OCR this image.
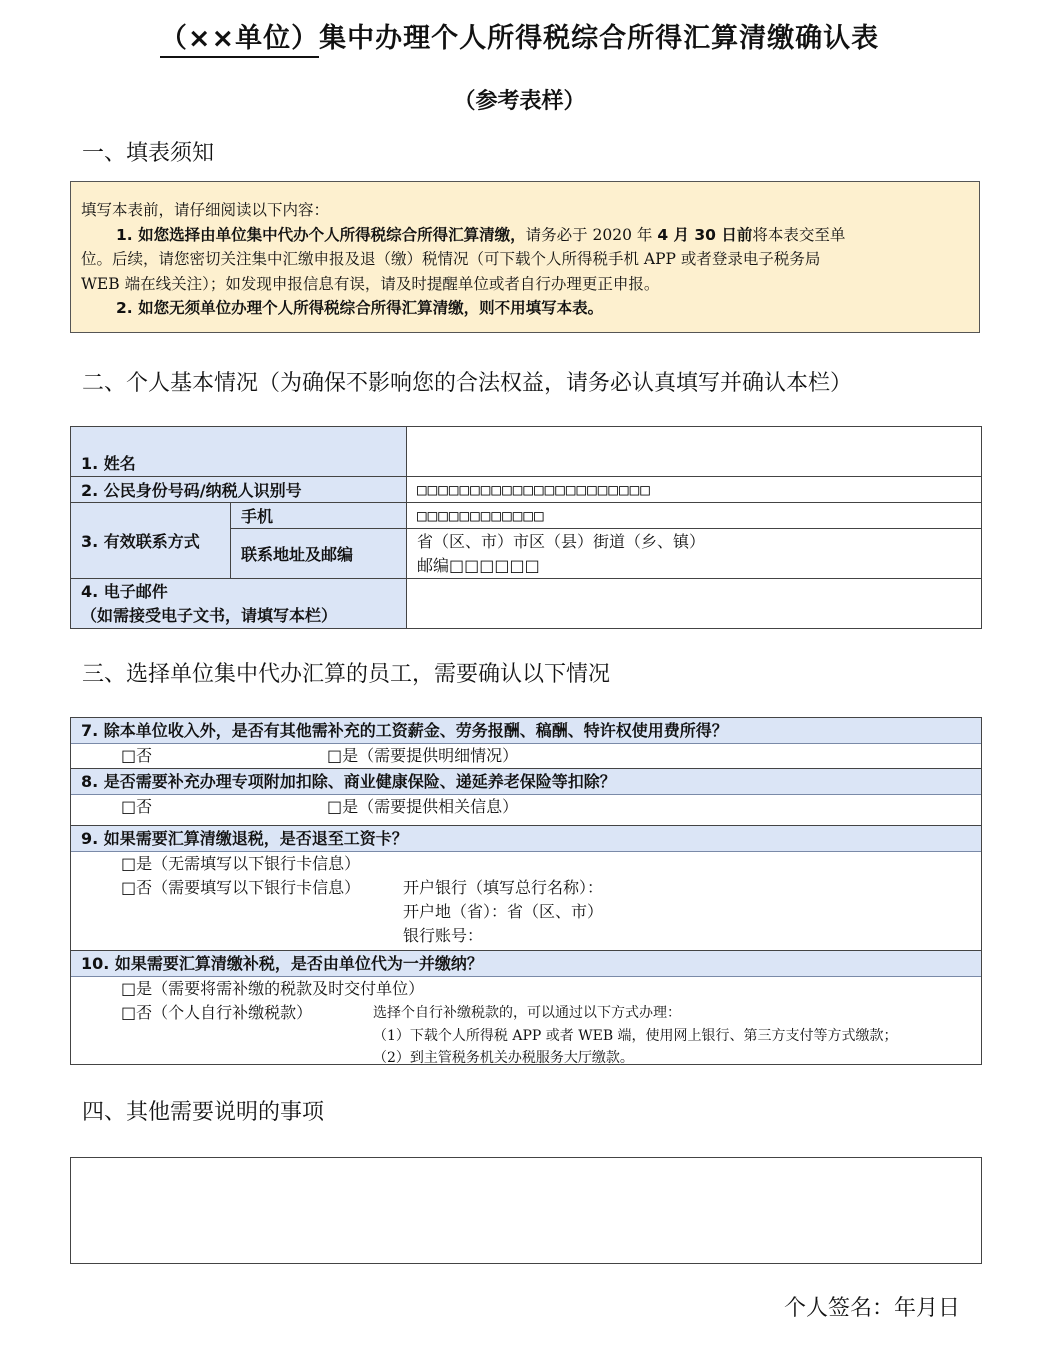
（××单位）集中办理个人所得税综合所得汇算清缴确认表
（参考表样）
一、填表须知
填写本表前，请仔细阅读以下内容：
1. 如您选择由单位集中代办个人所得税综合所得汇算清缴，请务必于 2020 年 4 月 30 日前将本表交至单
位。后续，请您密切关注集中汇缴申报及退（缴）税情况（可下载个人所得税手机 APP 或者登录电子税务局
WEB 端在线关注）；如发现申报信息有误，请及时提醒单位或者自行办理更正申报。
2. 如您无须单位办理个人所得税综合所得汇算清缴，则不用填写本表。
二、个人基本情况（为确保不影响您的合法权益，请务必认真填写并确认本栏）
1. 姓名		
2. 公民身份号码/纳税人识别号		□□□□□□□□□□□□□□□□□□□□□□
3. 有效联系方式	手机	□□□□□□□□□□□□
	联系地址及邮编	省（区、市）市区（县）街道（乡、镇）
邮编□□□□□□

4. 电子邮件
（如需接受电子文书，请填写本栏）		

三、选择单位集中代办汇算的员工，需要确认以下情况
7. 除本单位收入外，是否有其他需补充的工资薪金、劳务报酬、稿酬、特许权使用费所得？
□否	□是（需要提供明细情况）
8. 是否需要补充办理专项附加扣除、商业健康保险、递延养老保险等扣除？
□否	□是（需要提供相关信息）
9. 如果需要汇算清缴退税，是否退至工资卡？
□是（无需填写以下银行卡信息）
□否（需要填写以下银行卡信息）	开户银行（填写总行名称）：
开户地（省）：省（区、市）
银行账号：
10. 如果需要汇算清缴补税，是否由单位代为一并缴纳？
□是（需要将需补缴的税款及时交付单位）
□否（个人自行补缴税款）	选择个自行补缴税款的，可以通过以下方式办理：
（1）下载个人所得税 APP 或者 WEB 端，使用网上银行、第三方支付等方式缴款；
（2）到主管税务机关办税服务大厅缴款。
四、其他需要说明的事项
个人签名：年月日
